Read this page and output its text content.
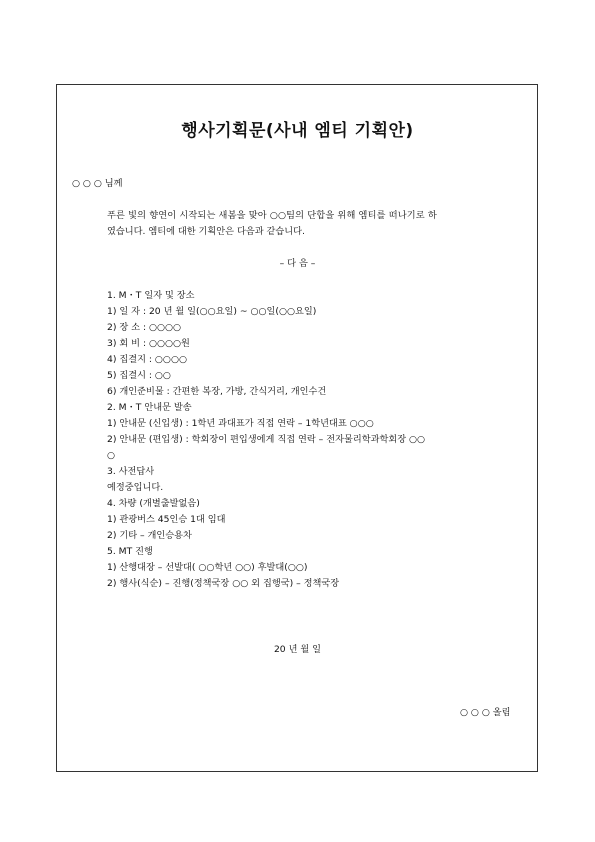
행사기획문(사내 엠티 기획안)
○ ○ ○ 님께
푸른 빛의 향연이 시작되는 새봄을 맞아 ○○팀의 단합을 위해 엠티를 떠나기로 하
였습니다. 엠티에 대한 기획안은 다음과 같습니다.
– 다 음 –
1. M・T 일자 및 장소
1) 일 자 : 20 년 월 일(○○요일) ~ ○○일(○○요일)
2) 장 소 : ○○○○
3) 회 비 : ○○○○원
4) 집결지 : ○○○○
5) 집결시 : ○○
6) 개인준비물 : 간편한 복장, 가방, 간식거리, 개인수건
2. M・T 안내문 발송
1) 안내문 (신입생) : 1학년 과대표가 직접 연락 – 1학년대표 ○○○
2) 안내문 (편입생) : 학회장이 편입생에게 직접 연락 – 전자물리학과학회장 ○○
○
3. 사전답사
예정중입니다.
4. 차량 (개별출발없음)
1) 관광버스 45인승 1대 임대
2) 기타 – 개인승용차
5. MT 진행
1) 산행대장 – 선발대( ○○학년 ○○) 후발대(○○)
2) 행사(식순) – 진행(정책국장 ○○ 외 집행국) – 정책국장
20 년 월 일
○ ○ ○ 올림
